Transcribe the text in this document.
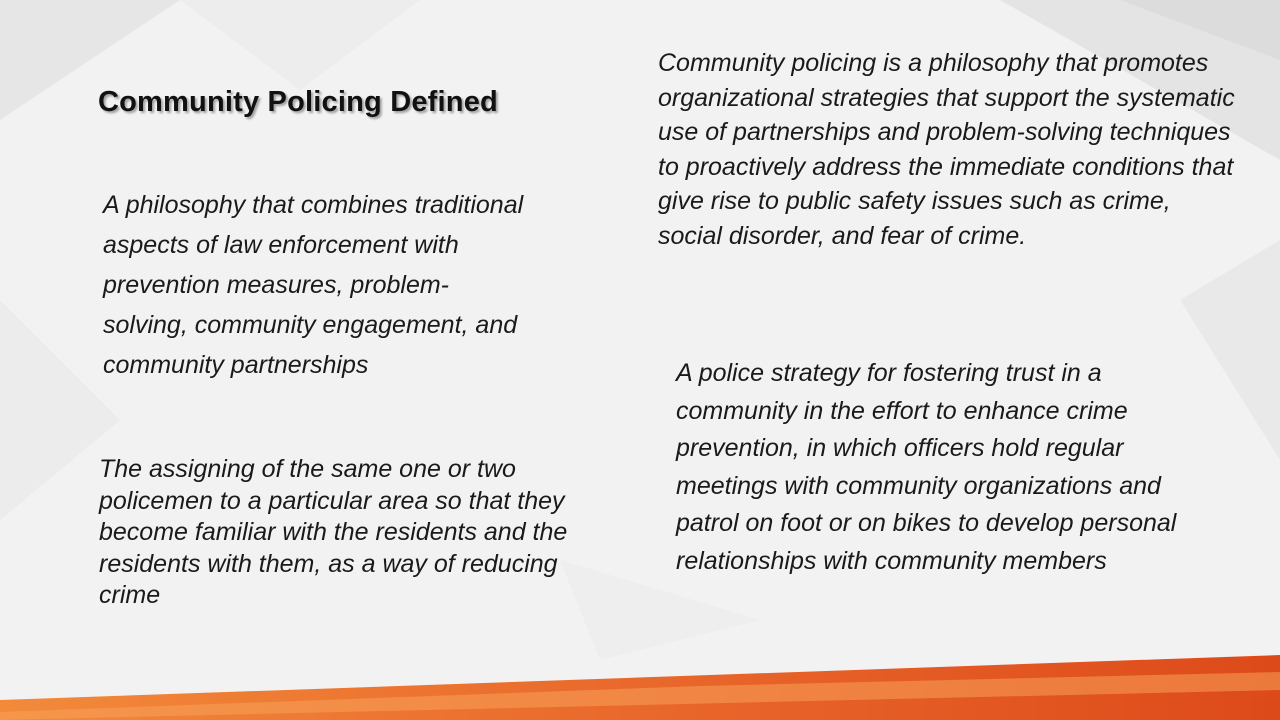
Community Policing Defined

A philosophy that combines traditional aspects of law enforcement with prevention measures, problem-solving, community engagement, and community partnerships

The assigning of the same one or two policemen to a particular area so that they become familiar with the residents and the residents with them, as a way of reducing crime

Community policing is a philosophy that promotes organizational strategies that support the systematic use of partnerships and problem-solving techniques to proactively address the immediate conditions that give rise to public safety issues such as crime, social disorder, and fear of crime.

A police strategy for fostering trust in a community in the effort to enhance crime prevention, in which officers hold regular meetings with community organizations and patrol on foot or on bikes to develop personal relationships with community members
